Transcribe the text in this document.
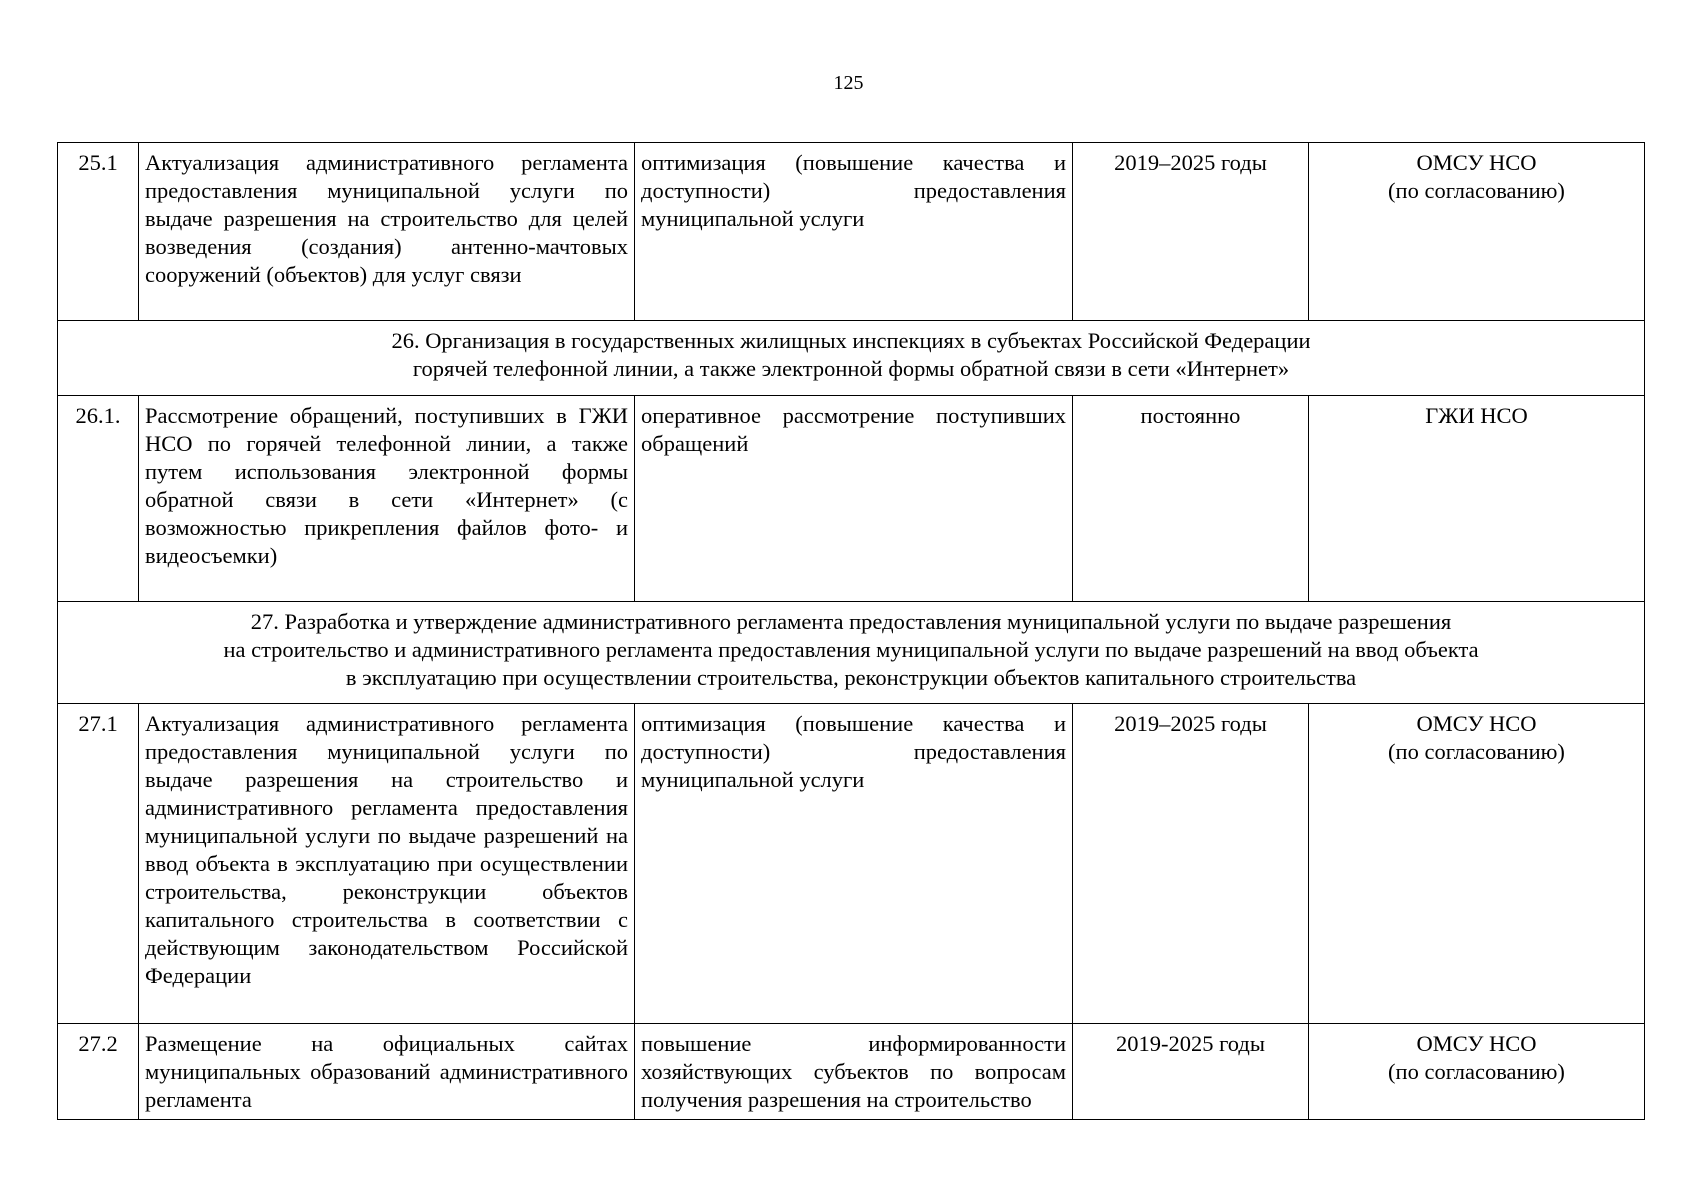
125
25.1	Актуализация административного регламента предоставления муниципальной услуги по выдаче разрешения на строительство для целей возведения (создания) антенно-мачтовых сооружений (объектов) для услуг связи	оптимизация (повышение качества и доступности) предоставления муниципальной услуги	2019–2025 годы	ОМСУ НСО
(по согласованию)

26. Организация в государственных жилищных инспекциях в субъектах Российской Федерации
горячей телефонной линии, а также электронной формы обратной связи в сети «Интернет»				

26.1.	Рассмотрение обращений, поступивших в ГЖИ НСО по горячей телефонной линии, а также путем использования электронной формы обратной связи в сети «Интернет» (с возможностью прикрепления файлов фото- и видеосъемки)	оперативное рассмотрение поступивших обращений	постоянно	ГЖИ НСО

27. Разработка и утверждение административного регламента предоставления муниципальной услуги по выдаче разрешения
на строительство и административного регламента предоставления муниципальной услуги по выдаче разрешений на ввод объекта
в эксплуатацию при осуществлении строительства, реконструкции объектов капитального строительства				

27.1	Актуализация административного регламента предоставления муниципальной услуги по выдаче разрешения на строительство и административного регламента предоставления муниципальной услуги по выдаче разрешений на ввод объекта в эксплуатацию при осуществлении строительства, реконструкции объектов капитального строительства в соответствии с действующим законодательством Российской Федерации	оптимизация (повышение качества и доступности) предоставления муниципальной услуги	2019–2025 годы	ОМСУ НСО
(по согласованию)

27.2	Размещение на официальных сайтах муниципальных образований административного регламента	повышение информированности хозяйствующих субъектов по вопросам получения разрешения на строительство	2019-2025 годы	ОМСУ НСО
(по согласованию)
